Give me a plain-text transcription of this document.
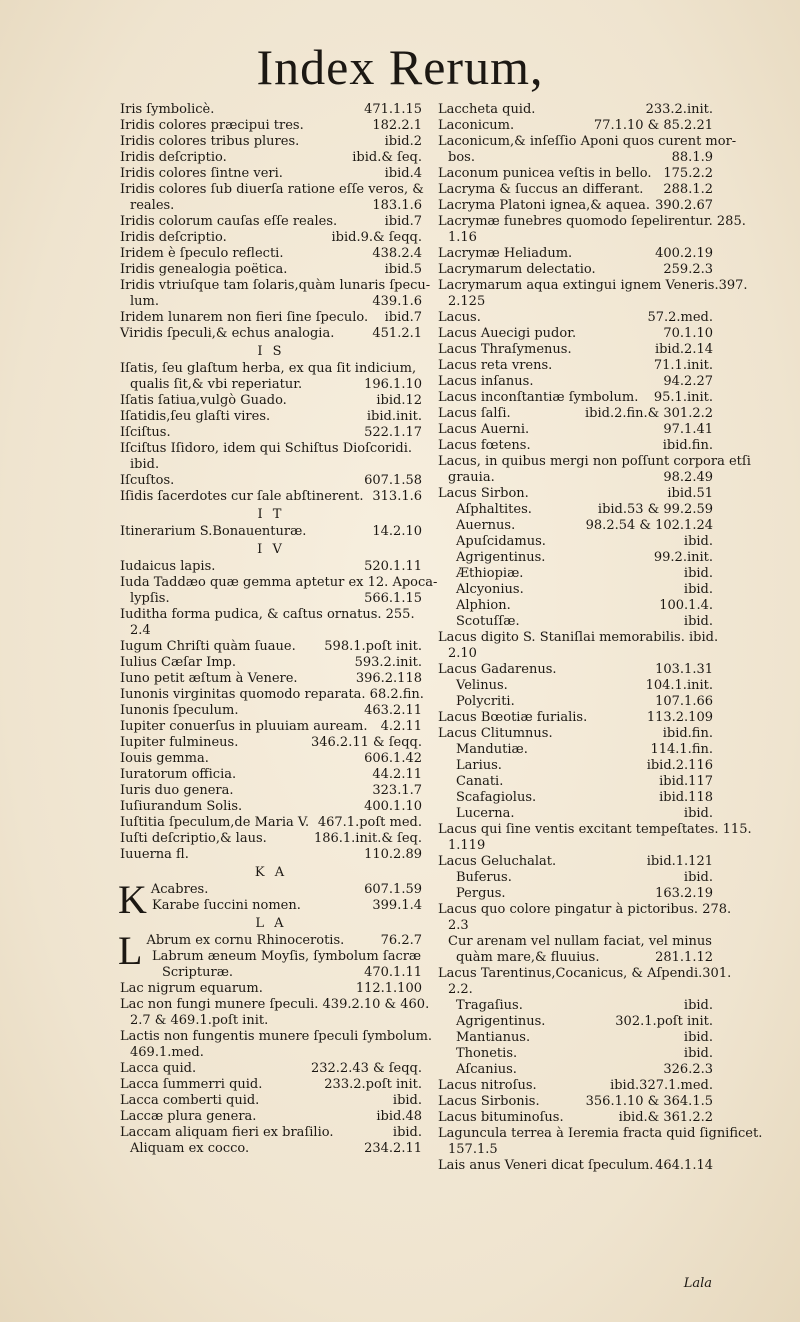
Index Rerum,
Iris ſymbolicè.	471.1.15
Iridis colores præcipui tres.	182.2.1
Iridis colores tribus plures.	ibid.2
Iridis deſcriptio.	ibid.& ſeq.
Iridis colores ſintne veri.	ibid.4
Iridis colores ſub diuerſa ratione eſſe veros, &
reales.	183.1.6
Iridis colorum cauſas eſſe reales.	ibid.7
Iridis deſcriptio.	ibid.9.& ſeqq.
Iridem è ſpeculo reflecti.	438.2.4
Iridis genealogia poëtica.	ibid.5
Iridis vtriuſque tam ſolaris,quàm lunaris ſpecu-
lum.	439.1.6
Iridem lunarem non fieri ſine ſpeculo. ibid.7
Viridis ſpeculi,& echus analogia.	451.2.1
I S
Iſatis, ſeu glaſtum herba, ex qua ſit indicium,
qualis ſit,& vbi reperiatur.	196.1.10
Iſatis ſatiua,vulgò Guado.	ibid.12
Iſatidis,ſeu glaſti vires.	ibid.init.
Iſciſtus.	522.1.17
Iſciſtus Iſidoro, idem qui Schiſtus Dioſcoridi.
ibid.
Iſcuſtos.	607.1.58
Iſidis ſacerdotes cur ſale abſtinerent. 313.1.6
I T
Itinerarium S.Bonauenturæ.	14.2.10
I V
Iudaicus lapis.	520.1.11
Iuda Taddæo quæ gemma aptetur ex 12. Apoca-
lypſis.	566.1.15
Iuditha forma pudica, & caſtus ornatus. 255.
2.4
Iugum Chriſti quàm ſuaue. 598.1.poſt init.
Iulius Cæſar Imp.	593.2.init.
Iuno petit æſtum à Venere.	396.2.118
Iunonis virginitas quomodo reparata. 68.2.fin.
Iunonis ſpeculum.	463.2.11
Iupiter conuerſus in pluuiam auream. 4.2.11
Iupiter fulmineus.	346.2.11 & ſeqq.
Iouis gemma.	606.1.42
Iuratorum officia.	44.2.11
Iuris duo genera.	323.1.7
Iuſiurandum Solis.	400.1.10
Iuſtitia ſpeculum,de Maria V. 467.1.poſt med.
Iuſti deſcriptio,& laus.	186.1.init.& ſeq.
Iuuerna fl.	110.2.89
K A
K Acabres.	607.1.59
Karabe ſuccini nomen.	399.1.4
L A
L Abrum ex cornu Rhinocerotis.	76.2.7
Labrum æneum Moyſis, ſymbolum ſacræ
Scripturæ.	470.1.11
Lac nigrum equarum.	112.1.100
Lac non fungi munere ſpeculi. 439.2.10 & 460.
2.7 & 469.1.poſt init.
Lactis non fungentis munere ſpeculi ſymbolum.
469.1.med.
Lacca quid.	232.2.43 & ſeqq.
Lacca ſummerri quid.	233.2.poſt init.
Lacca comberti quid.	ibid.
Laccæ plura genera.	ibid.48
Laccam aliquam fieri ex braſilio.	ibid.
Aliquam ex cocco.	234.2.11
Laccheta quid.	233.2.init.
Laconicum.	77.1.10 & 85.2.21
Laconicum,& inſeſſio Aponi quos curent mor-
bos.	88.1.9
Laconum punicea veſtis in bello. 175.2.2
Lacryma & ſuccus an differant. 288.1.2
Lacryma Platoni ignea,& aquea. 390.2.67
Lacrymæ funebres quomodo ſepelirentur. 285.
1.16
Lacrymæ Heliadum.	400.2.19
Lacrymarum delectatio.	259.2.3
Lacrymarum aqua extingui ignem Veneris.397.
2.125
Lacus.	57.2.med.
Lacus Auecigi pudor.	70.1.10
Lacus Thraſymenus.	ibid.2.14
Lacus reta vrens.	71.1.init.
Lacus inſanus.	94.2.27
Lacus inconſtantiæ ſymbolum. 95.1.init.
Lacus ſalſi.	ibid.2.fin.& 301.2.2
Lacus Auerni.	97.1.41
Lacus fœtens.	ibid.fin.
Lacus, in quibus mergi non poſſunt corpora etſi
grauia.	98.2.49
Lacus Sirbon.	ibid.51
Aſphaltites.	ibid.53 & 99.2.59
Auernus.	98.2.54 & 102.1.24
Apuſcidamus.	ibid.
Agrigentinus.	99.2.init.
Æthiopiæ.	ibid.
Alcyonius.	ibid.
Alphion.	100.1.4.
Scotuſſæ.	ibid.
Lacus digito S. Staniſlai memorabilis. ibid.
2.10
Lacus Gadarenus.	103.1.31
Velinus.	104.1.init.
Polycriti.	107.1.66
Lacus Bœotiæ furialis.	113.2.109
Lacus Clitumnus.	ibid.fin.
Mandutiæ.	114.1.fin.
Larius.	ibid.2.116
Canati.	ibid.117
Scafagiolus.	ibid.118
Lucerna.	ibid.
Lacus qui ſine ventis excitant tempeſtates. 115.
1.119
Lacus Geluchalat.	ibid.1.121
Buferus.	ibid.
Pergus.	163.2.19
Lacus quo colore pingatur à pictoribus. 278.
2.3
Cur arenam vel nullam faciat, vel minus
quàm mare,& fluuius.	281.1.12
Lacus Tarentinus,Cocanicus, & Aſpendi.301.
2.2.
Tragaſius.	ibid.
Agrigentinus.	302.1.poſt init.
Mantianus.	ibid.
Thonetis.	ibid.
Aſcanius.	326.2.3
Lacus nitroſus.	ibid.327.1.med.
Lacus Sirbonis.	356.1.10 & 364.1.5
Lacus bituminoſus.	ibid.& 361.2.2
Laguncula terrea à Ieremia fracta quid ſignificet.
157.1.5
Lais anus Veneri dicat ſpeculum. 464.1.14
Lala
